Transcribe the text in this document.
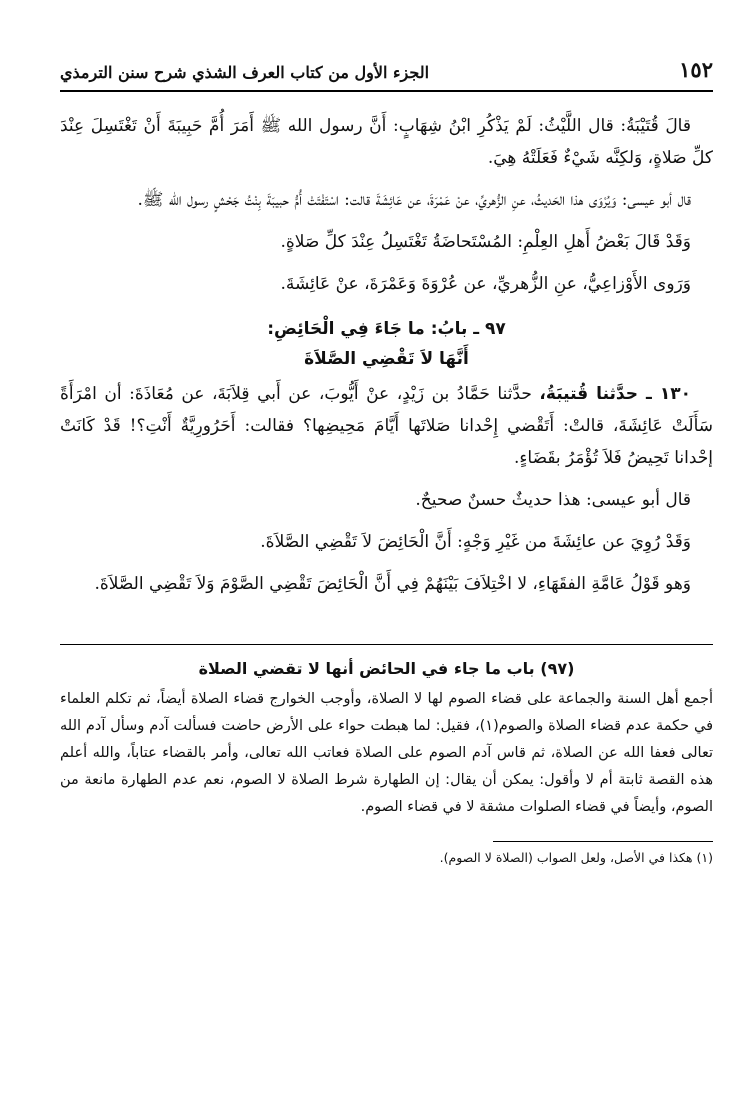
١٥٢
الجزء الأول من كتاب العرف الشذي شرح سنن الترمذي

قالَ قُتَيْبَةُ: قال اللَّيْثُ: لَمْ يَذْكُرِ ابْنُ شِهَابٍ: أَنَّ رسول الله ﷺ أَمَرَ أُمَّ حَبِيبَةَ أَنْ تَغْتَسِلَ عِنْدَ كلِّ صَلاةٍ، وَلكِنَّه شَيْءٌ فَعَلَتْهُ هِيَ.

قال أبو عيسى: وَيُرْوَى هذا الحَديثُ، عنِ الزُّهريِّ، عنْ عَمْرَةَ، عن عَائِشَةَ قالت: اسْتَفْتَتْ أُمُّ حبيبَةَ بِنْتُ جَحْشٍ رسول الله ﷺ.

وَقَدْ قَالَ بَعْضُ أَهلِ العِلْمِ: المُسْتَحاضَةُ تَغْتَسِلُ عِنْدَ كلِّ صَلاةٍ.

وَرَوى الأَوْزاعِيُّ، عنِ الزُّهريِّ، عن عُرْوَةَ وَعَمْرَةَ، عنْ عَائِشَةَ.

٩٧ ـ بابُ: ما جَاءَ فِي الْحَائِضِ:
أَنَّهَا لاَ تَقْضِي الصَّلاَةَ

١٣٠ ـ حدَّثنا قُتيبَةُ، حدَّثنا حَمَّادُ بن زَيْدٍ، عنْ أَيُّوبَ، عن أَبي قِلاَبَةَ، عن مُعَاذَةَ: أن امْرَأَةً سَأَلَتْ عَائِشَةَ، قالتْ: أَتَقْضي إِحْدانا صَلاتَها أَيَّامَ مَحِيضِها؟ فقالت: أَحَرُورِيَّةٌ أَنْتِ؟! قَدْ كَانَتْ إحْدانا تَحِيضُ فَلاَ تُؤْمَرُ بقَضَاءٍ.

قال أبو عيسى: هذا حديثٌ حسنٌ صحيحٌ.

وَقَدْ رُوِيَ عن عائِشَةَ من غَيْرِ وَجْهٍ: أَنَّ الْحَائِضَ لاَ تَقْضِي الصَّلاَةَ.

وَهو قَوْلُ عَامَّةِ الفقَهَاءِ، لا اخْتِلاَفَ بَيْنَهُمْ فِي أَنَّ الْحَائِضَ تَقْضِي الصَّوْمَ وَلاَ تَقْضِي الصَّلاَةَ.

(٩٧) باب ما جاء في الحائض أنها لا تقضي الصلاة

أجمع أهل السنة والجماعة على قضاء الصوم لها لا الصلاة، وأوجب الخوارج قضاء الصلاة أيضاً، ثم تكلم العلماء في حكمة عدم قضاء الصلاة والصوم(١)، فقيل: لما هبطت حواء على الأرض حاضت فسألت آدم وسأل آدم الله تعالى فعفا الله عن الصلاة، ثم قاس آدم الصوم على الصلاة فعاتب الله تعالى، وأمر بالقضاء عتاباً، والله أعلم هذه القصة ثابتة أم لا وأقول: يمكن أن يقال: إن الطهارة شرط الصلاة لا الصوم، نعم عدم الطهارة مانعة من الصوم، وأيضاً في قضاء الصلوات مشقة لا في قضاء الصوم.

(١) هكذا في الأصل، ولعل الصواب (الصلاة لا الصوم).
